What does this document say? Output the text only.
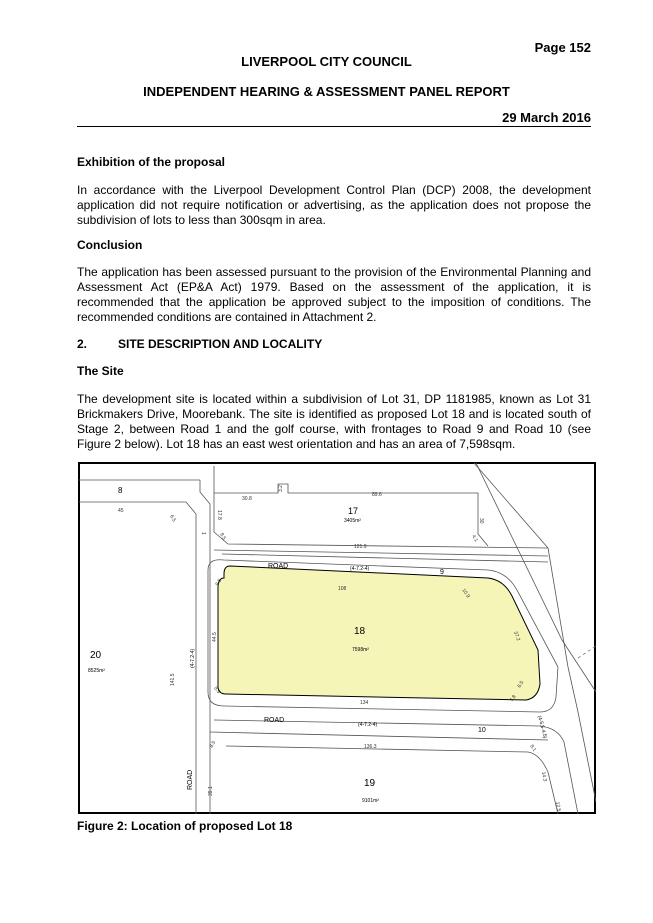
Page 152
LIVERPOOL CITY COUNCIL
INDEPENDENT HEARING & ASSESSMENT PANEL REPORT
29 March 2016
Exhibition of the proposal
In accordance with the Liverpool Development Control Plan (DCP) 2008, the development
application did not require notification or advertising, as the application does not propose the
subdivision of lots to less than 300sqm in area.
Conclusion
The application has been assessed pursuant to the provision of the Environmental Planning and
Assessment Act (EP&A Act) 1979. Based on the assessment of the application, it is
recommended that the application be approved subject to the imposition of conditions. The
recommended conditions are contained in Attachment 2.
2.	SITE DESCRIPTION AND LOCALITY
The Site
The development site is located within a subdivision of Lot 31, DP 1181985, known as Lot 31
Brickmakers Drive, Moorebank. The site is identified as proposed Lot 18 and is located south of
Stage 2, between Road 1 and the golf course, with frontages to Road 9 and Road 10 (see
Figure 2 below). Lot 18 has an east west orientation and has an area of 7,598sqm.
8
17
3405m²
18
7598m²
20
8525m²
19
9101m²
ROAD	(4-7.2-4)	9
ROAD
(4-7.2-4)
10
ROAD
(4-7.2-4)
(4-5.5-4.5)
45
6.5
1
30.8
3.2
89.6
17.8
8.5
121.9
30
4.1
108
8.5
10.9
44.5	37.2
8.5
134	7.8
6.5
141.5
136.3
8.5	8.1
39.1
14.3
12.5
Figure 2: Location of proposed Lot 18
